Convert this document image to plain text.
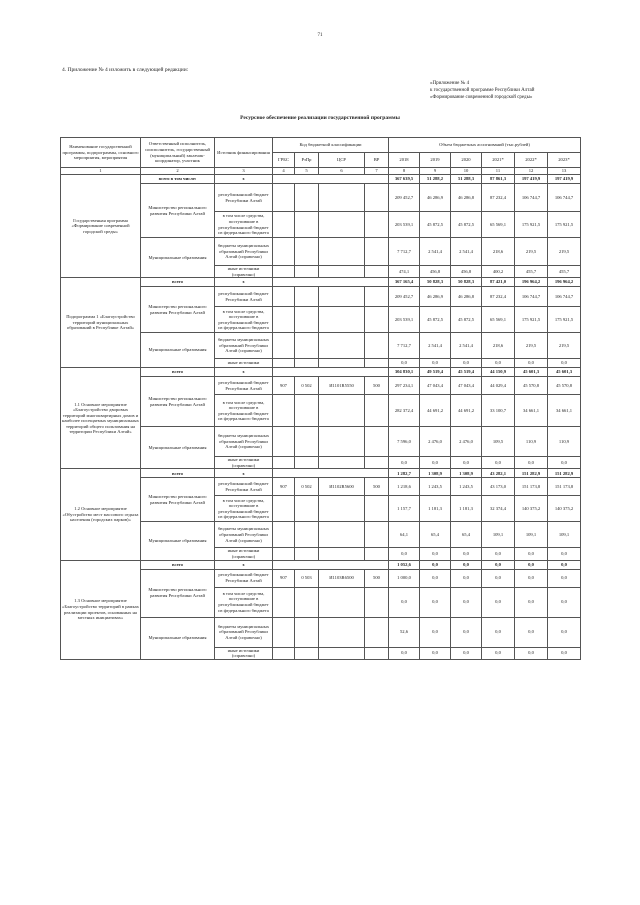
71
4. Приложение № 4 изложить в следующей редакции:
«Приложение № 4
к государственной программе Республики Алтай
«Формирование современной городской среды»
Ресурсное обеспечение реализации государственной программы
Наименование государственной программы, подпрограммы, основного мероприятия, мероприятия	Ответственный исполнитель, соисполнитель, государственный (муниципальный) заказчик-координатор, участник	Источник финансирования	Код бюджетной классификации				Объем бюджетных ассигнований (тыс.рублей)					
			ГРБС	РзПр	ЦСР	ВР	2018	2019	2020	2021*	2022*	2023*
1	2	3	4	5	6	7	8	9	10	11	12	13
Государственная программа «Формирование современной городской среды»	всего в том числе:	х					367 639,5	51 288,2	51 288,3	87 861,3	197 419,9	197 419,9
	Министерство регионального развития Республики Алтай	республиканский бюджет Республики Алтай					209 452,7	46 286,9	46 286,8	87 232,4	106 744,7	106 744,7
		в том числе средства, поступившие в республиканский бюджет из федерального бюджета					203 539,1	45 872,5	45 872,5	65 569,1	175 921,5	175 921,5
	Муниципальные образования	бюджеты муниципальных образований Республики Алтай (справочно)					7 712,7	2 541,4	2 541,4	218,6	219,5	219,5
		иные источники (справочно)					474,1	456,8	456,8	400,2	455,7	455,7
Подпрограмма 1 «Благоустройство территорий муниципальных образований в Республике Алтай»	всего	х					367 165,4	50 828,3	50 828,3	87 421,0	196 964,2	196 964,2
	Министерство регионального развития Республики Алтай	республиканский бюджет Республики Алтай					209 452,7	46 286,9	46 286,8	87 232,4	106 744,7	106 744,7
		в том числе средства, поступившие в республиканский бюджет из федерального бюджета					203 539,1	45 872,5	45 872,5	65 569,1	175 921,5	175 921,5
	Муниципальные образования	бюджеты муниципальных образований Республики Алтай (справочно)					7 712,7	2 541,4	2 541,4	218,6	219,5	219,5
		иные источники					0,0	0,0	0,0	0,0	0,0	0,0
1.1 Основное мероприятие «Благоустройство дворовых территорий многоквартирных домов и наиболее посещаемых муниципальных территорий общего пользования на территории Республики Алтай»	всего	х					304 830,1	49 519,4	45 519,4	44 150,9	45 601,3	45 601,3
	Министерство регионального развития Республики Алтай	республиканский бюджет Республики Алтай	907	0 502	И1101R5550	500	297 234,1	47 043,4	47 043,4	44 029,4	45 570,8	45 570,8
		в том числе средства, поступившие в республиканский бюджет из федерального бюджета					282 372,4	44 691,2	44 691,2	33 100,7	34 661,1	34 661,1
	Муниципальные образования	бюджеты муниципальных образований Республики Алтай (справочно)					7 596,0	2 476,0	2 476,0	109,5	110,9	110,9
		иные источники (справочно)					0,0	0,0	0,0	0,0	0,0	0,0
1.2 Основное мероприятие «Обустройство мест массового отдыха населения (городских парков)»	всего	х					1 282,7	1 308,9	1 308,9	43 282,1	151 282,9	151 282,9
	Министерство регионального развития Республики Алтай	республиканский бюджет Республики Алтай	907	0 502	И1102R5600	500	1 218,6	1 243,5	1 243,5	43 173,0	151 173,8	151 173,8
		в том числе средства, поступившие в республиканский бюджет из федерального бюджета					1 157,7	1 181,3	1 181,3	32 374,4	140 375,2	140 375,2
	Муниципальные образования	бюджеты муниципальных образований Республики Алтай (справочно)					64,1	65,4	65,4	109,1	109,1	109,1
		иные источники (справочно)					0,0	0,0	0,0	0,0	0,0	0,0
1.3 Основное мероприятие «Благоустройство территорий в рамках реализации проектов, основанных на местных инициативах»	всего	х					1 052,6	0,0	0,0	0,0	0,0	0,0
	Министерство регионального развития Республики Алтай	республиканский бюджет Республики Алтай	907	0 503	И1103R6500	500	1 000,0	0,0	0,0	0,0	0,0	0,0
		в том числе средства, поступившие в республиканский бюджет из федерального бюджета					0,0	0,0	0,0	0,0	0,0	0,0
	Муниципальные образования	бюджеты муниципальных образований Республики Алтай (справочно)					52,6	0,0	0,0	0,0	0,0	0,0
		иные источники (справочно)					0,0	0,0	0,0	0,0	0,0	0,0
